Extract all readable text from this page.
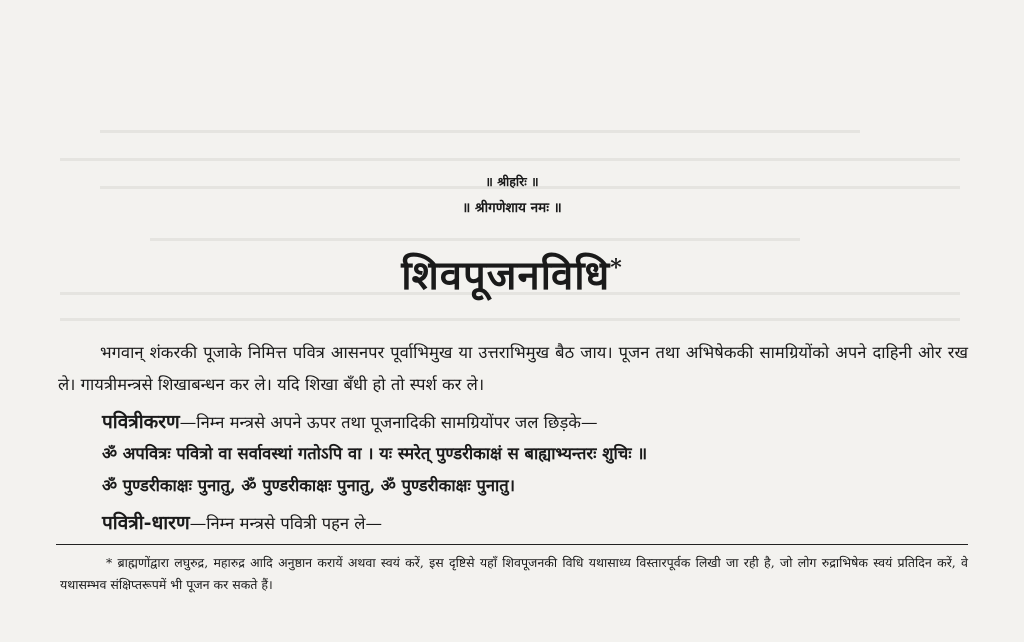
॥ श्रीहरिः ॥
॥ श्रीगणेशाय नमः ॥
शिवपूजनविधि*
भगवान् शंकरकी पूजाके निमित्त पवित्र आसनपर पूर्वाभिमुख या उत्तराभिमुख बैठ जाय। पूजन तथा अभिषेककी सामग्रियोंको अपने दाहिनी ओर रख ले। गायत्रीमन्त्रसे शिखाबन्धन कर ले। यदि शिखा बँधी हो तो स्पर्श कर ले।
पवित्रीकरण—निम्न मन्त्रसे अपने ऊपर तथा पूजनादिकी सामग्रियोंपर जल छिड़के—
ॐ अपवित्रः पवित्रो वा सर्वावस्थां गतोऽपि वा । यः स्मरेत् पुण्डरीकाक्षं स बाह्याभ्यन्तरः शुचिः ॥
ॐ पुण्डरीकाक्षः पुनातु, ॐ पुण्डरीकाक्षः पुनातु, ॐ पुण्डरीकाक्षः पुनातु।
पवित्री-धारण—निम्न मन्त्रसे पवित्री पहन ले—
* ब्राह्मणोंद्वारा लघुरुद्र, महारुद्र आदि अनुष्ठान करायें अथवा स्वयं करें, इस दृष्टिसे यहाँ शिवपूजनकी विधि यथासाध्य विस्तारपूर्वक लिखी जा रही है, जो लोग रुद्राभिषेक स्वयं प्रतिदिन करें, वे यथासम्भव संक्षिप्तरूपमें भी पूजन कर सकते हैं।
